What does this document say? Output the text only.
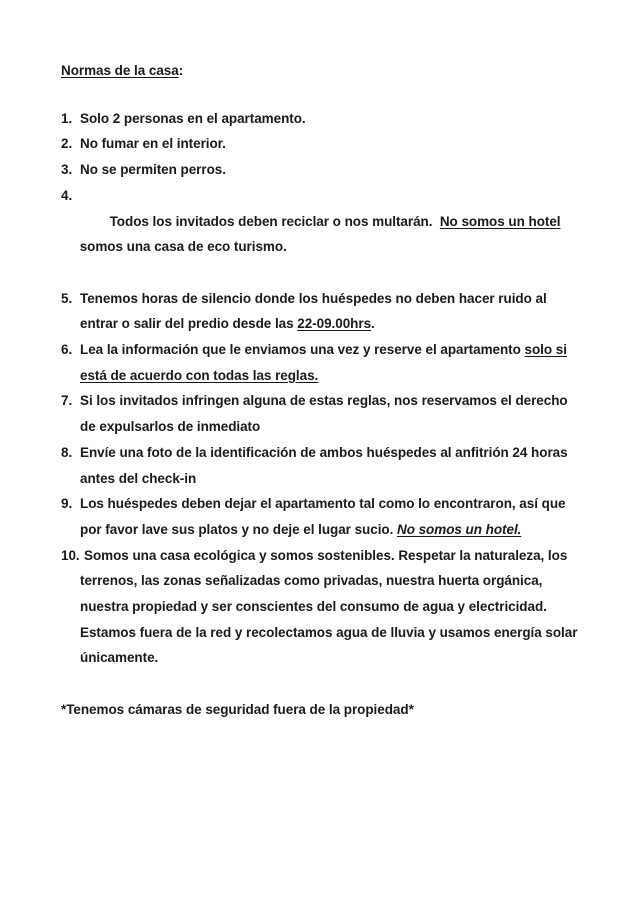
Normas de la casa:
1. Solo 2 personas en el apartamento.
2. No fumar en el interior.
3. No se permiten perros.

4.
Todos los invitados deben reciclar o nos multarán.  No somos un hotel
somos una casa de eco turismo.

5. Tenemos horas de silencio donde los huéspedes no deben hacer ruido al entrar o salir del predio desde las 22-09.00hrs.
6. Lea la información que le enviamos una vez y reserve el apartamento solo si está de acuerdo con todas las reglas.
7. Si los invitados infringen alguna de estas reglas, nos reservamos el derecho de expulsarlos de inmediato
8. Envíe una foto de la identificación de ambos huéspedes al anfitrión 24 horas antes del check-in
9. Los huéspedes deben dejar el apartamento tal como lo encontraron, así que por favor lave sus platos y no deje el lugar sucio. No somos un hotel.
10. Somos una casa ecológica y somos sostenibles. Respetar la naturaleza, los terrenos, las zonas señalizadas como privadas, nuestra huerta orgánica, nuestra propiedad y ser conscientes del consumo de agua y electricidad. Estamos fuera de la red y recolectamos agua de lluvia y usamos energía solar únicamente.
*Tenemos cámaras de seguridad fuera de la propiedad*
